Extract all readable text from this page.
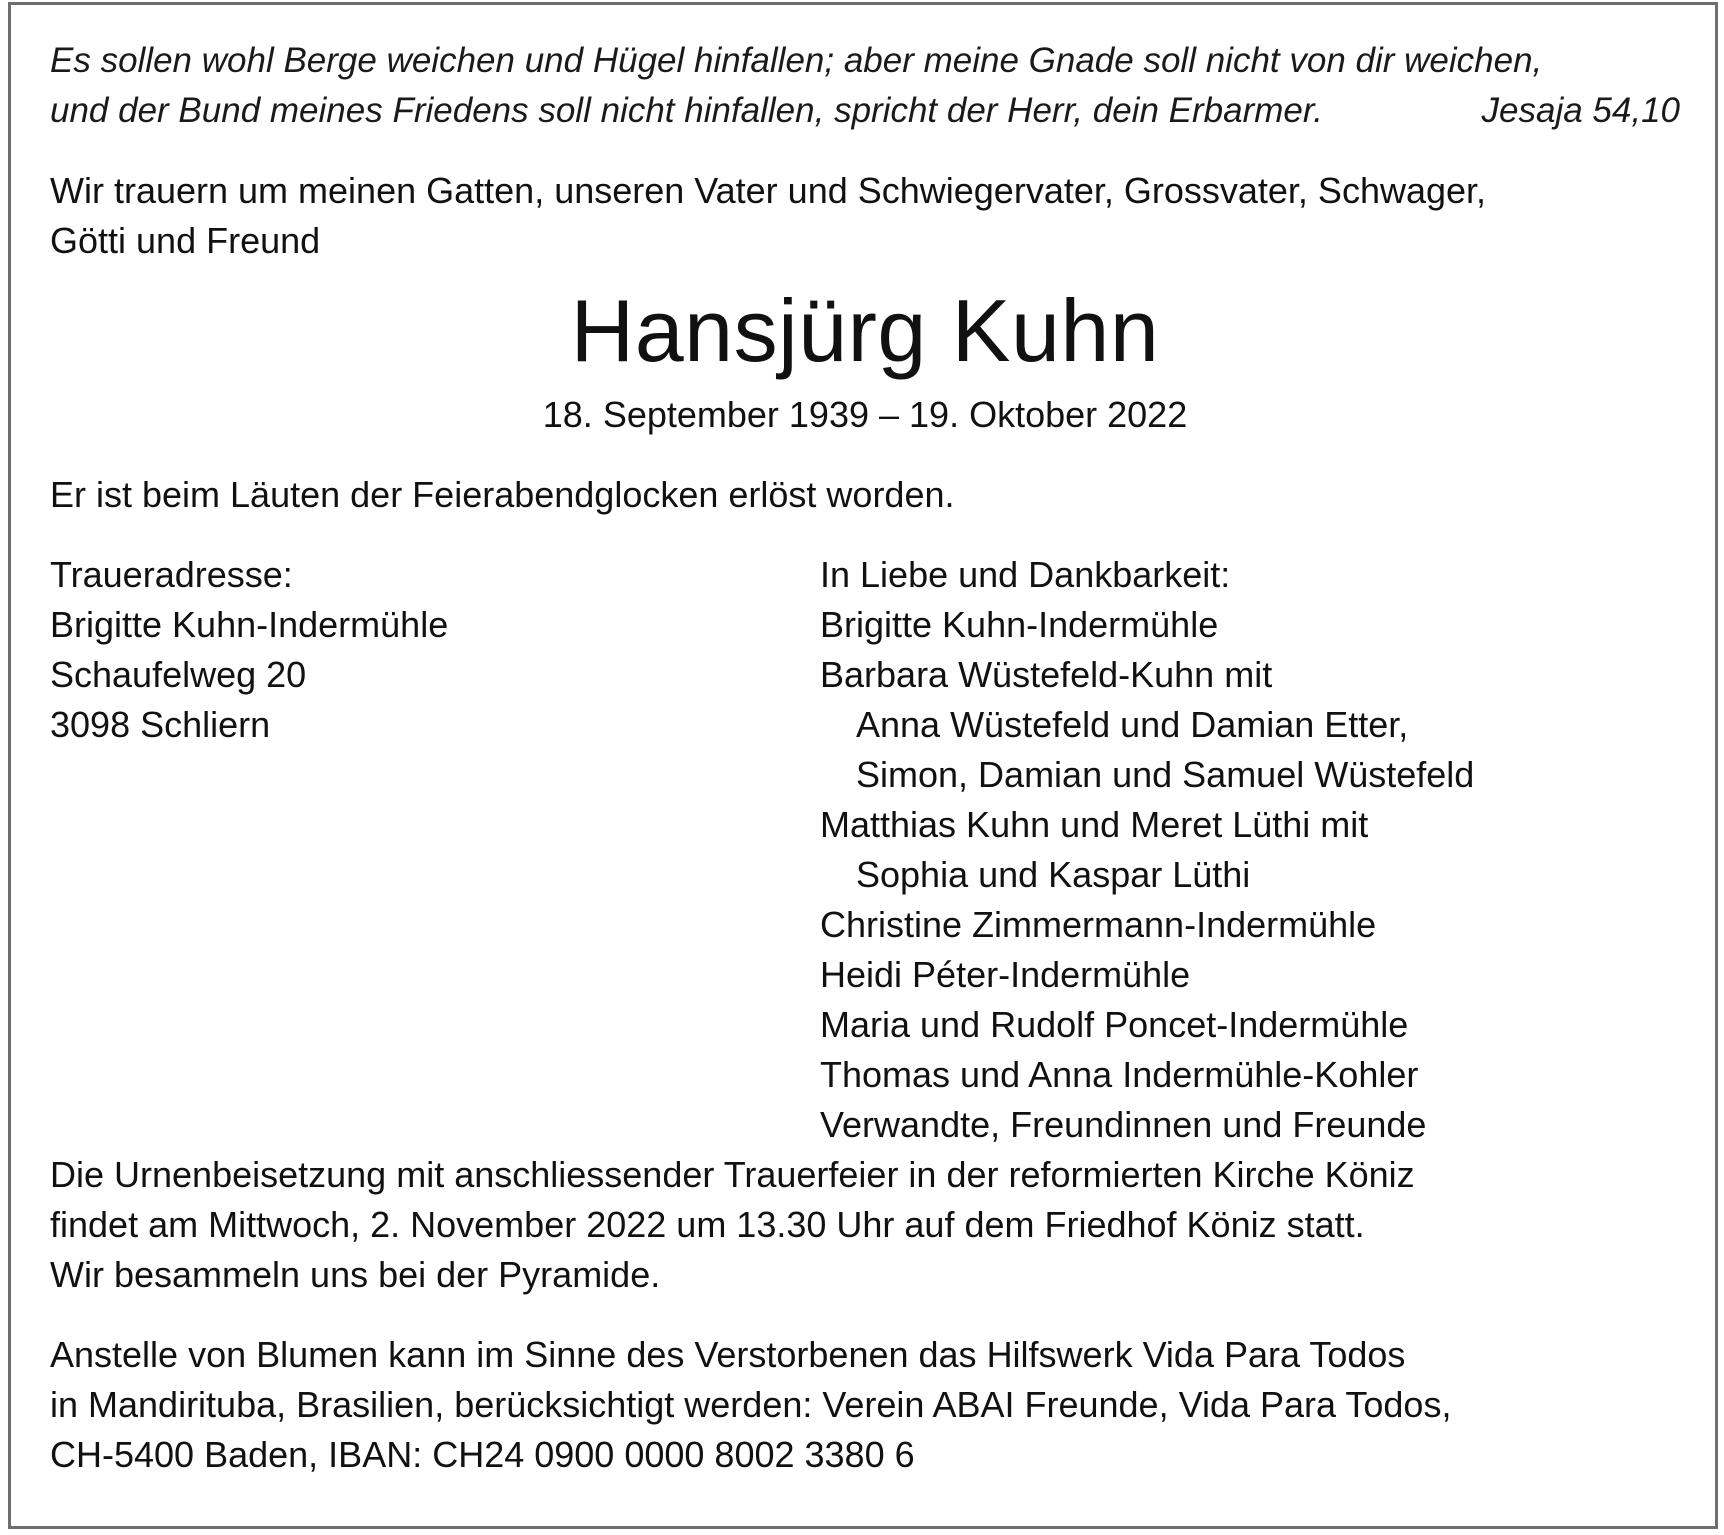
Es sollen wohl Berge weichen und Hügel hinfallen; aber meine Gnade soll nicht von dir weichen,
und der Bund meines Friedens soll nicht hinfallen, spricht der Herr, dein Erbarmer.	Jesaja 54,10
Wir trauern um meinen Gatten, unseren Vater und Schwiegervater, Grossvater, Schwager,
Götti und Freund
Hansjürg Kuhn
18. September 1939 – 19. Oktober 2022
Er ist beim Läuten der Feierabendglocken erlöst worden.
Traueradresse:
Brigitte Kuhn-Indermühle
Schaufelweg 20
3098 Schliern
In Liebe und Dankbarkeit:
Brigitte Kuhn-Indermühle
Barbara Wüstefeld-Kuhn mit
Anna Wüstefeld und Damian Etter,
Simon, Damian und Samuel Wüstefeld
Matthias Kuhn und Meret Lüthi mit
Sophia und Kaspar Lüthi
Christine Zimmermann-Indermühle
Heidi Péter-Indermühle
Maria und Rudolf Poncet-Indermühle
Thomas und Anna Indermühle-Kohler
Verwandte, Freundinnen und Freunde
Die Urnenbeisetzung mit anschliessender Trauerfeier in der reformierten Kirche Köniz
findet am Mittwoch, 2. November 2022 um 13.30 Uhr auf dem Friedhof Köniz statt.
Wir besammeln uns bei der Pyramide.
Anstelle von Blumen kann im Sinne des Verstorbenen das Hilfswerk Vida Para Todos
in Mandirituba, Brasilien, berücksichtigt werden: Verein ABAI Freunde, Vida Para Todos,
CH-5400 Baden, IBAN: CH24 0900 0000 8002 3380 6
